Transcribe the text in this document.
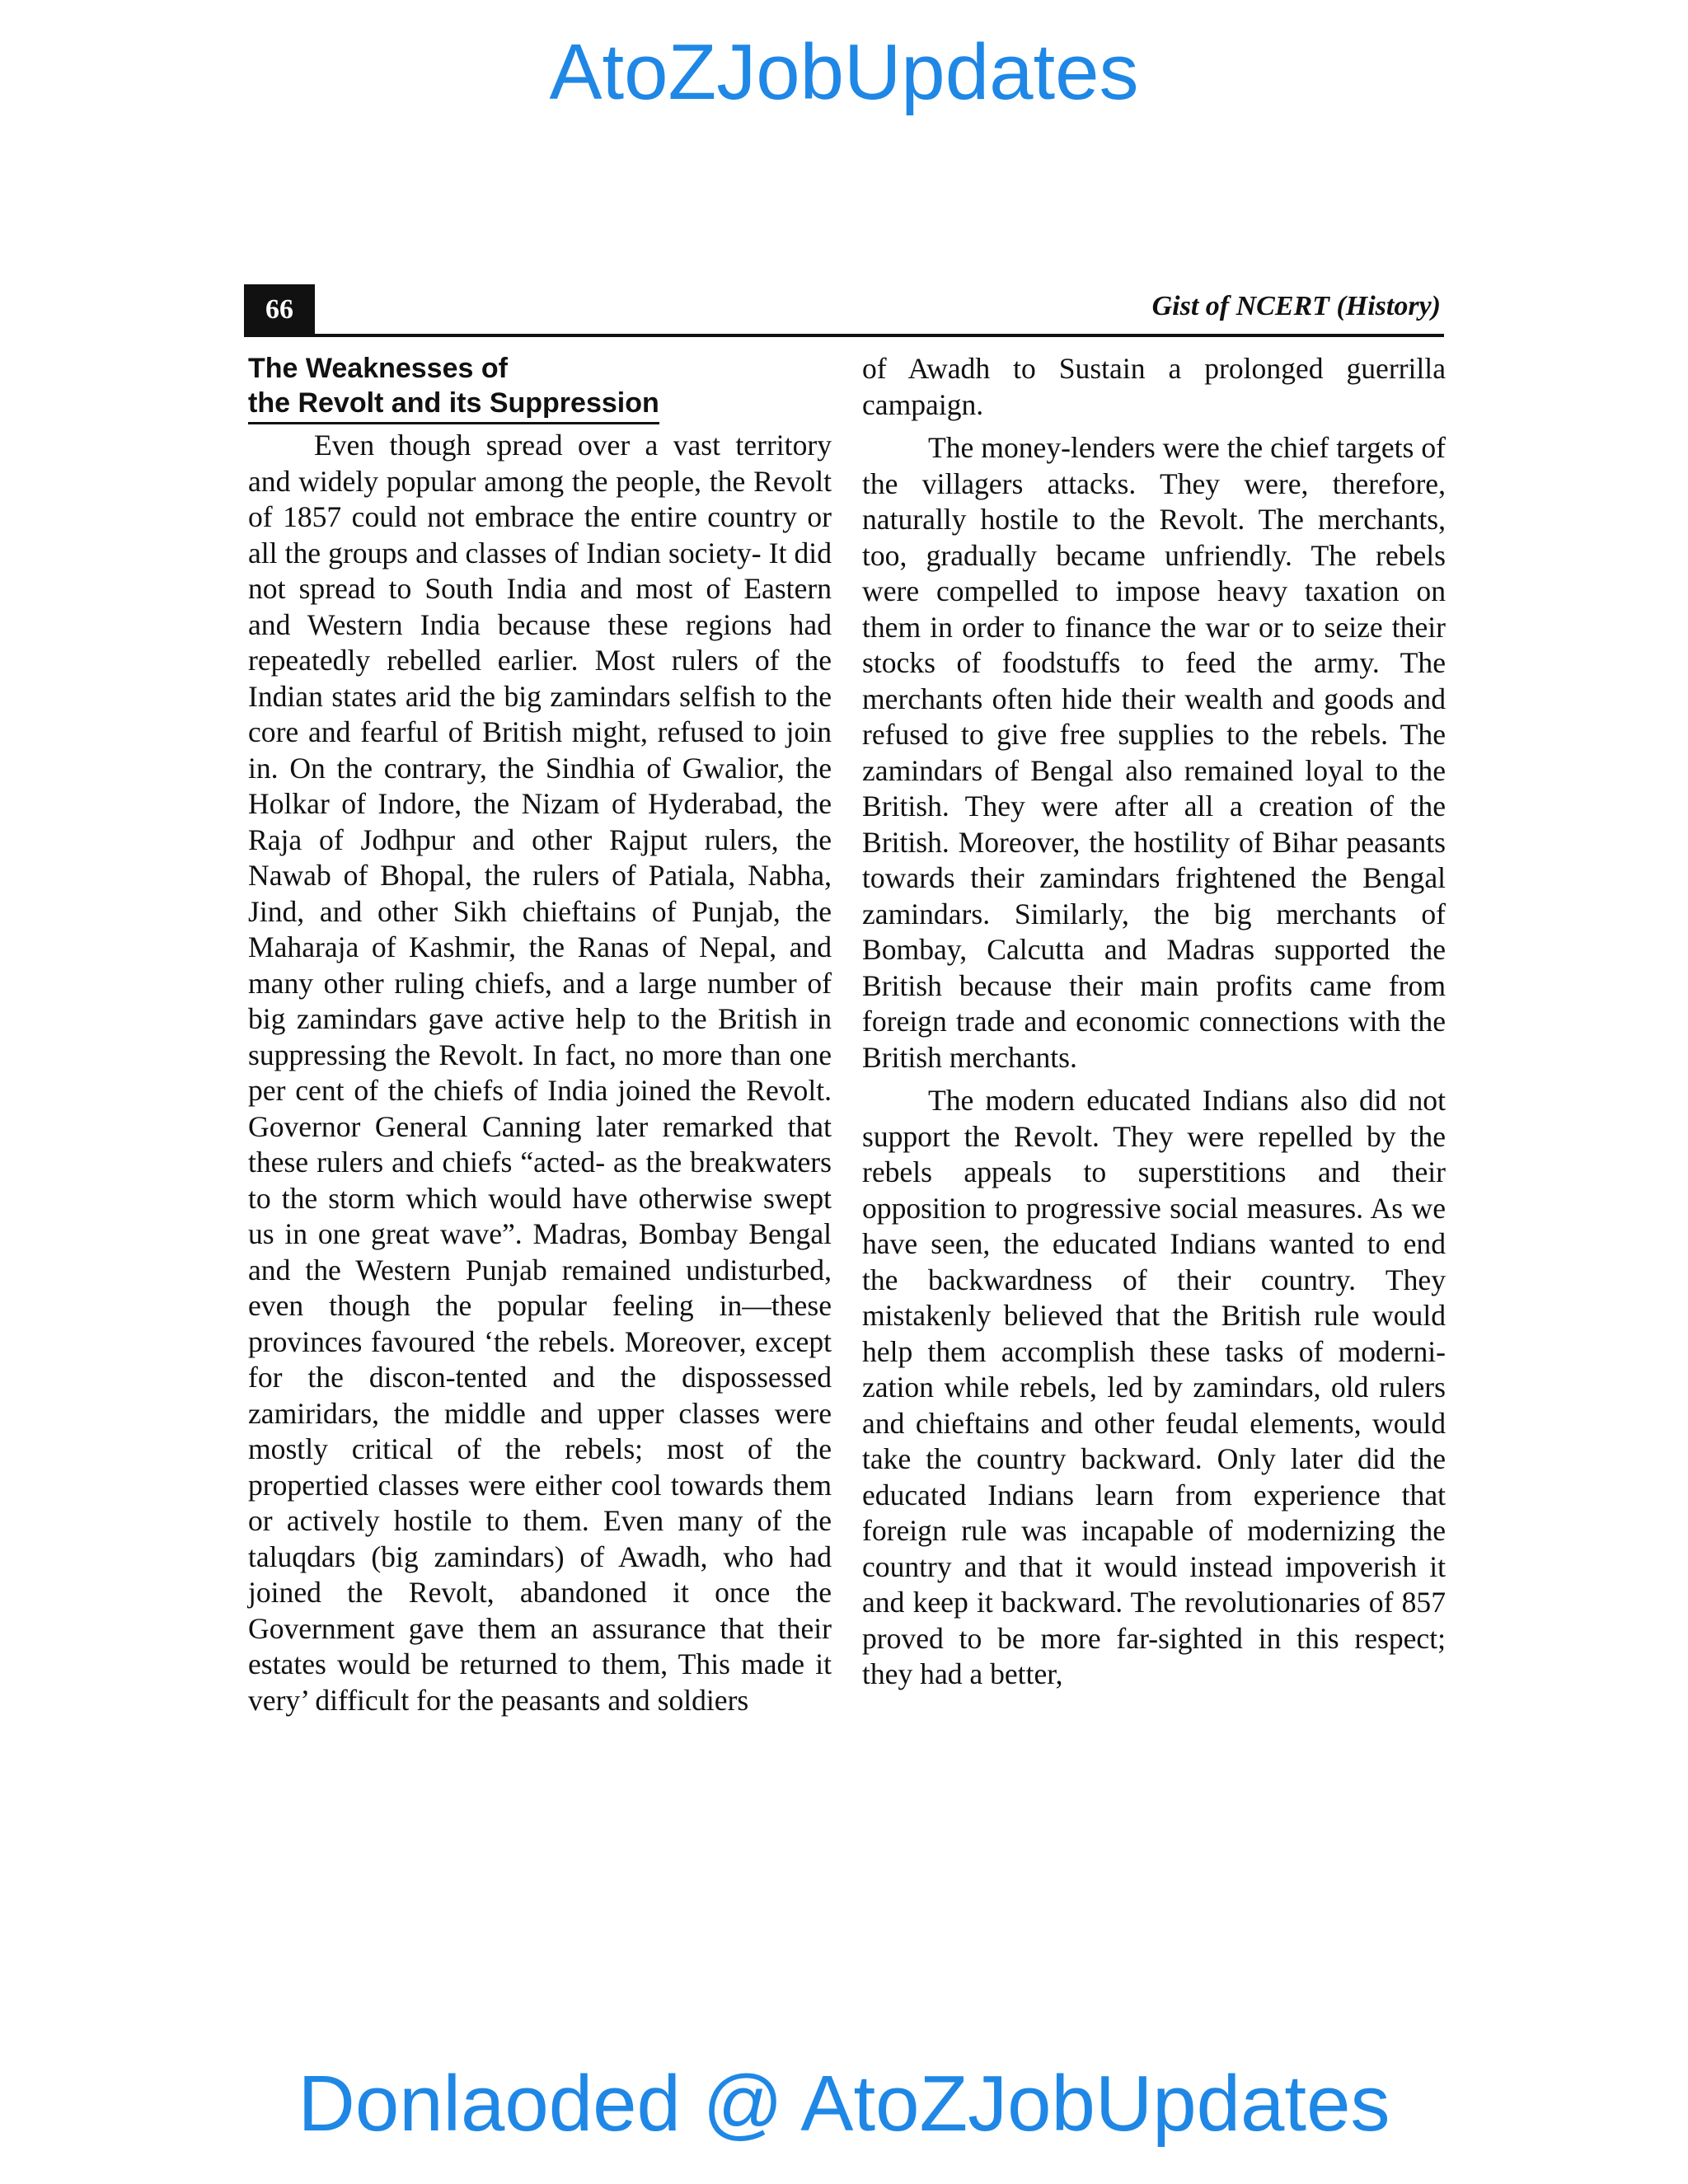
AtoZJobUpdates
66	Gist of NCERT (History)
The Weaknesses of
the Revolt and its Suppression

Even though spread over a vast territory and widely popular among the people, the Revolt of 1857 could not embrace the entire country or all the groups and classes of Indian society- It did not spread to South India and most of Eastern and Western India because these regions had repeatedly rebelled earlier. Most rulers of the Indian states arid the big zamindars selfish to the core and fearful of British might, refused to join in. On the contrary, the Sindhia of Gwalior, the Holkar of Indore, the Nizam of Hyderabad, the Raja of Jodhpur and other Rajput rulers, the Nawab of Bhopal, the rulers of Patiala, Nabha, Jind, and other Sikh chieftains of Punjab, the Maharaja of Kashmir, the Ranas of Nepal, and many other ruling chiefs, and a large number of big zamindars gave active help to the British in suppressing the Revolt. In fact, no more than one per cent of the chiefs of India joined the Revolt. Governor General Canning later remarked that these rulers and chiefs “acted- as the breakwaters to the storm which would have otherwise swept us in one great wave”. Madras, Bombay Bengal and the Western Punjab remained undisturbed, even though the popular feeling in—these provinces favoured ‘the rebels. Moreover, except for the discon-tented and the dispossessed zamiridars, the middle and upper classes were mostly critical of the rebels; most of the propertied classes were either cool towards them or actively hostile to them. Even many of the taluqdars (big zamindars) of Awadh, who had joined the Revolt, abandoned it once the Government gave them an assurance that their estates would be returned to them, This made it very’ difficult for the peasants and soldiers

of Awadh to Sustain a prolonged guerrilla campaign.

The money-lenders were the chief targets of the villagers attacks. They were, therefore, naturally hostile to the Revolt. The merchants, too, gradually became unfriendly. The rebels were compelled to impose heavy taxation on them in order to finance the war or to seize their stocks of foodstuffs to feed the army. The merchants often hide their wealth and goods and refused to give free supplies to the rebels. The zamindars of Bengal also remained loyal to the British. They were after all a creation of the British. Moreover, the hostility of Bihar peasants towards their zamindars frightened the Bengal zamindars. Similarly, the big merchants of Bombay, Calcutta and Madras supported the British because their main profits came from foreign trade and economic connections with the British merchants.

The modern educated Indians also did not support the Revolt. They were repelled by the rebels appeals to superstitions and their opposition to progressive social measures. As we have seen, the educated Indians wanted to end the backwardness of their country. They mistakenly believed that the British rule would help them accomplish these tasks of moderni-zation while rebels, led by zamindars, old rulers and chieftains and other feudal elements, would take the country backward. Only later did the educated Indians learn from experience that foreign rule was incapable of modernizing the country and that it would instead impoverish it and keep it backward. The revolutionaries of 857 proved to be more far-sighted in this respect; they had a better,

Donlaoded @ AtoZJobUpdates
